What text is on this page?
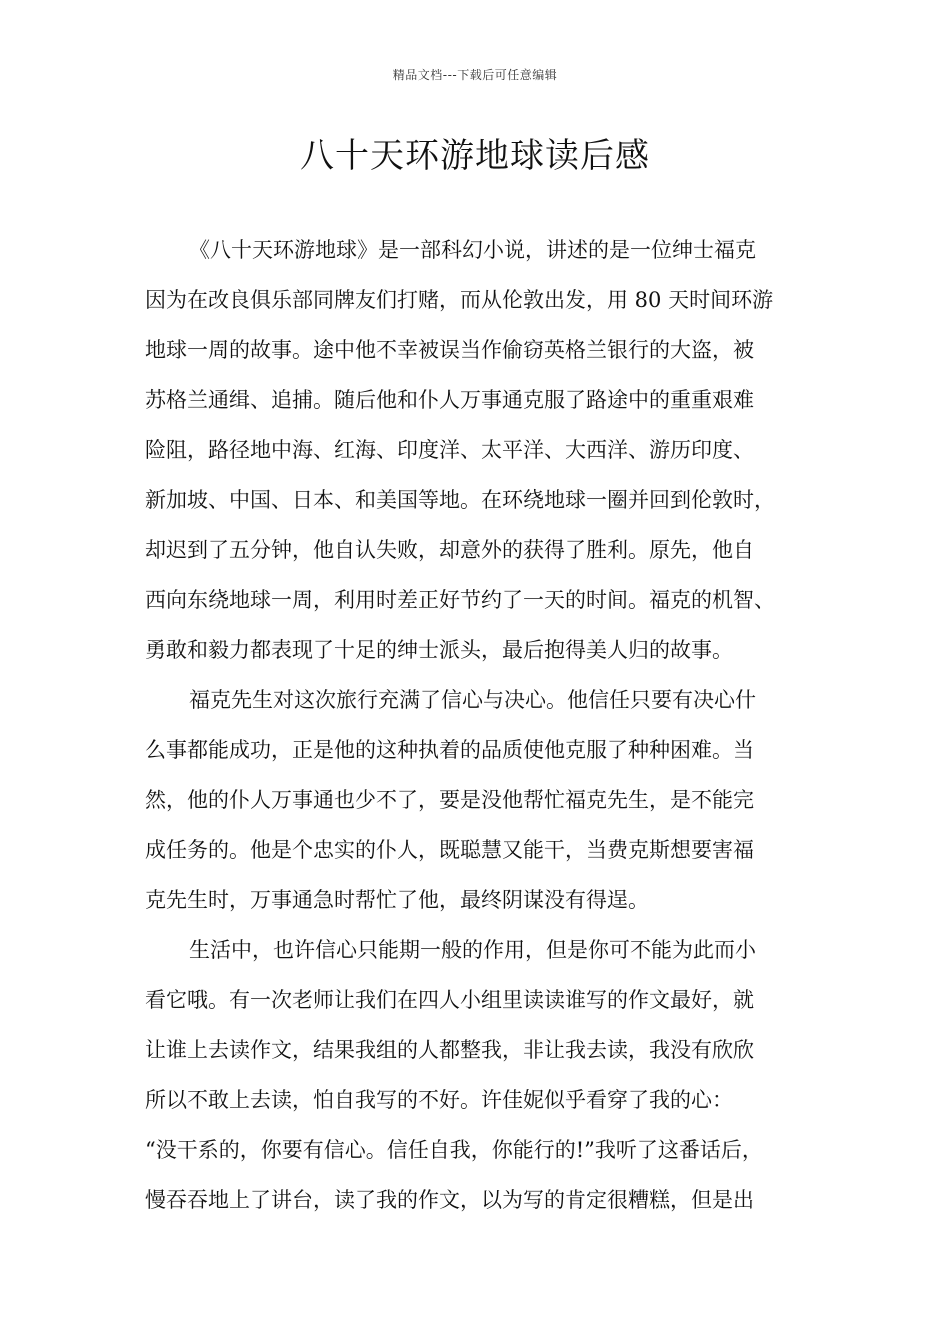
精品文档---下载后可任意编辑
八十天环游地球读后感
《八十天环游地球》是一部科幻小说，讲述的是一位绅士福克
因为在改良俱乐部同牌友们打赌，而从伦敦出发，用 80 天时间环游
地球一周的故事。途中他不幸被误当作偷窃英格兰银行的大盗，被
苏格兰通缉、追捕。随后他和仆人万事通克服了路途中的重重艰难
险阻，路径地中海、红海、印度洋、太平洋、大西洋、游历印度、
新加坡、中国、日本、和美国等地。在环绕地球一圈并回到伦敦时，
却迟到了五分钟，他自认失败，却意外的获得了胜利。原先，他自
西向东绕地球一周，利用时差正好节约了一天的时间。福克的机智、
勇敢和毅力都表现了十足的绅士派头，最后抱得美人归的故事。
福克先生对这次旅行充满了信心与决心。他信任只要有决心什
么事都能成功，正是他的这种执着的品质使他克服了种种困难。当
然，他的仆人万事通也少不了，要是没他帮忙福克先生，是不能完
成任务的。他是个忠实的仆人，既聪慧又能干，当费克斯想要害福
克先生时，万事通急时帮忙了他，最终阴谋没有得逞。
生活中，也许信心只能期一般的作用，但是你可不能为此而小
看它哦。有一次老师让我们在四人小组里读读谁写的作文最好，就
让谁上去读作文，结果我组的人都整我，非让我去读，我没有欣欣
所以不敢上去读，怕自我写的不好。许佳妮似乎看穿了我的心：
“没干系的，你要有信心。信任自我，你能行的!”我听了这番话后，
慢吞吞地上了讲台，读了我的作文，以为写的肯定很糟糕，但是出
